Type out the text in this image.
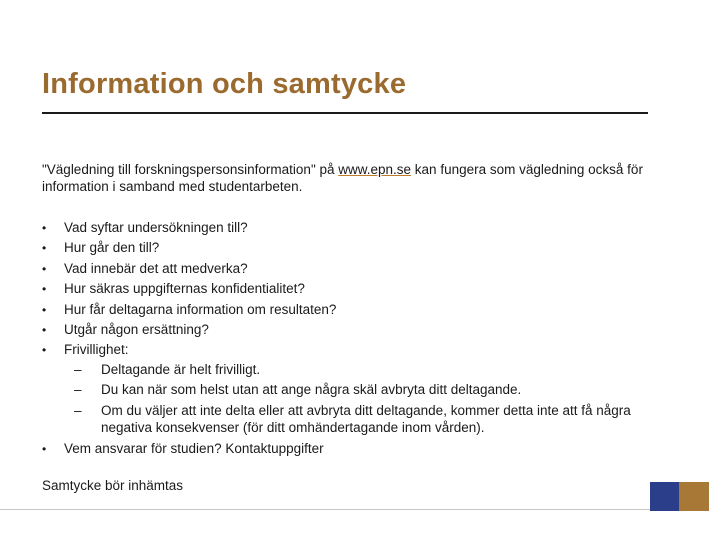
Information och samtycke
"Vägledning till forskningspersonsinformation" på www.epn.se kan fungera som vägledning också för information i samband med studentarbeten.
•	Vad syftar undersökningen till?
•	Hur går den till?
•	Vad innebär det att medverka?
•	Hur säkras uppgifternas konfidentialitet?
•	Hur får deltagarna information om resultaten?
•	Utgår någon ersättning?
•	Frivillighet:
– Deltagande är helt frivilligt.
– Du kan när som helst utan att ange några skäl avbryta ditt deltagande.
– Om du väljer att inte delta eller att avbryta ditt deltagande, kommer detta inte att få några negativa konsekvenser (för ditt omhändertagande inom vården).
•	Vem ansvarar för studien? Kontaktuppgifter
Samtycke bör inhämtas
